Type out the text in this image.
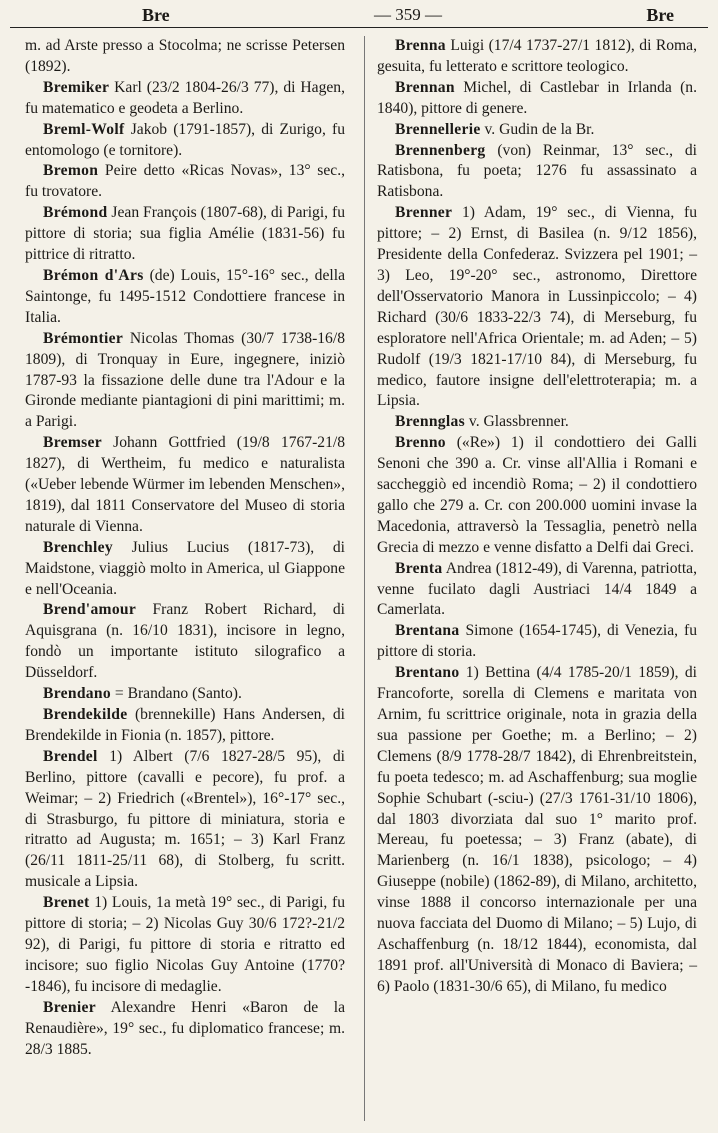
Bre	— 359 —	Bre

m. ad Arste presso a Stocolma; ne scrisse Petersen (1892).

Bremiker Karl (23/2 1804-26/3 77), di Hagen, fu matematico e geodeta a Berlino.

Breml-Wolf Jakob (1791-1857), di Zurigo, fu entomologo (e tornitore).

Bremon Peire detto «Ricas Novas», 13° sec., fu trovatore.

Brémond Jean François (1807-68), di Parigi, fu pittore di storia; sua figlia Amélie (1831-56) fu pittrice di ritratto.

Brémon d'Ars (de) Louis, 15°-16° sec., della Saintonge, fu 1495-1512 Condottiere francese in Italia.

Brémontier Nicolas Thomas (30/7 1738-16/8 1809), di Tronquay in Eure, ingegnere, iniziò 1787-93 la fissazione delle dune tra l'Adour e la Gironde mediante piantagioni di pini marittimi; m. a Parigi.

Bremser Johann Gottfried (19/8 1767-21/8 1827), di Wertheim, fu medico e naturalista («Ueber lebende Würmer im lebenden Menschen», 1819), dal 1811 Conservatore del Museo di storia naturale di Vienna.

Brenchley Julius Lucius (1817-73), di Maidstone, viaggiò molto in America, ul Giappone e nell'Oceania.

Brend'amour Franz Robert Richard, di Aquisgrana (n. 16/10 1831), incisore in legno, fondò un importante istituto silografico a Düsseldorf.

Brendano = Brandano (Santo).

Brendekilde (brennekille) Hans Andersen, di Brendekilde in Fionia (n. 1857), pittore.

Brendel 1) Albert (7/6 1827-28/5 95), di Berlino, pittore (cavalli e pecore), fu prof. a Weimar; – 2) Friedrich («Brentel»), 16°-17° sec., di Strasburgo, fu pittore di miniatura, storia e ritratto ad Augusta; m. 1651; – 3) Karl Franz (26/11 1811-25/11 68), di Stolberg, fu scritt. musicale a Lipsia.

Brenet 1) Louis, 1a metà 19° sec., di Parigi, fu pittore di storia; – 2) Nicolas Guy 30/6 172?-21/2 92), di Parigi, fu pittore di storia e ritratto ed incisore; suo figlio Nicolas Guy Antoine (1770?-1846), fu incisore di medaglie.

Brenier Alexandre Henri «Baron de la Renaudière», 19° sec., fu diplomatico francese; m. 28/3 1885.

Brenna Luigi (17/4 1737-27/1 1812), di Roma, gesuita, fu letterato e scrittore teologico.

Brennan Michel, di Castlebar in Irlanda (n. 1840), pittore di genere.

Brennellerie v. Gudin de la Br.

Brennenberg (von) Reinmar, 13° sec., di Ratisbona, fu poeta; 1276 fu assassinato a Ratisbona.

Brenner 1) Adam, 19° sec., di Vienna, fu pittore; – 2) Ernst, di Basilea (n. 9/12 1856), Presidente della Confederaz. Svizzera pel 1901; – 3) Leo, 19°-20° sec., astronomo, Direttore dell'Osservatorio Manora in Lussinpiccolo; – 4) Richard (30/6 1833-22/3 74), di Merseburg, fu esploratore nell'Africa Orientale; m. ad Aden; – 5) Rudolf (19/3 1821-17/10 84), di Merseburg, fu medico, fautore insigne dell'elettroterapia; m. a Lipsia.

Brennglas v. Glassbrenner.

Brenno («Re») 1) il condottiero dei Galli Senoni che 390 a. Cr. vinse all'Allia i Romani e saccheggiò ed incendiò Roma; – 2) il condottiero gallo che 279 a. Cr. con 200.000 uomini invase la Macedonia, attraversò la Tessaglia, penetrò nella Grecia di mezzo e venne disfatto a Delfi dai Greci.

Brenta Andrea (1812-49), di Varenna, patriotta, venne fucilato dagli Austriaci 14/4 1849 a Camerlata.

Brentana Simone (1654-1745), di Venezia, fu pittore di storia.

Brentano 1) Bettina (4/4 1785-20/1 1859), di Francoforte, sorella di Clemens e maritata von Arnim, fu scrittrice originale, nota in grazia della sua passione per Goethe; m. a Berlino; – 2) Clemens (8/9 1778-28/7 1842), di Ehrenbreitstein, fu poeta tedesco; m. ad Aschaffenburg; sua moglie Sophie Schubart (-sciu-) (27/3 1761-31/10 1806), dal 1803 divorziata dal suo 1° marito prof. Mereau, fu poetessa; – 3) Franz (abate), di Marienberg (n. 16/1 1838), psicologo; – 4) Giuseppe (nobile) (1862-89), di Milano, architetto, vinse 1888 il concorso internazionale per una nuova facciata del Duomo di Milano; – 5) Lujo, di Aschaffenburg (n. 18/12 1844), economista, dal 1891 prof. all'Università di Monaco di Baviera; – 6) Paolo (1831-30/6 65), di Milano, fu medico
